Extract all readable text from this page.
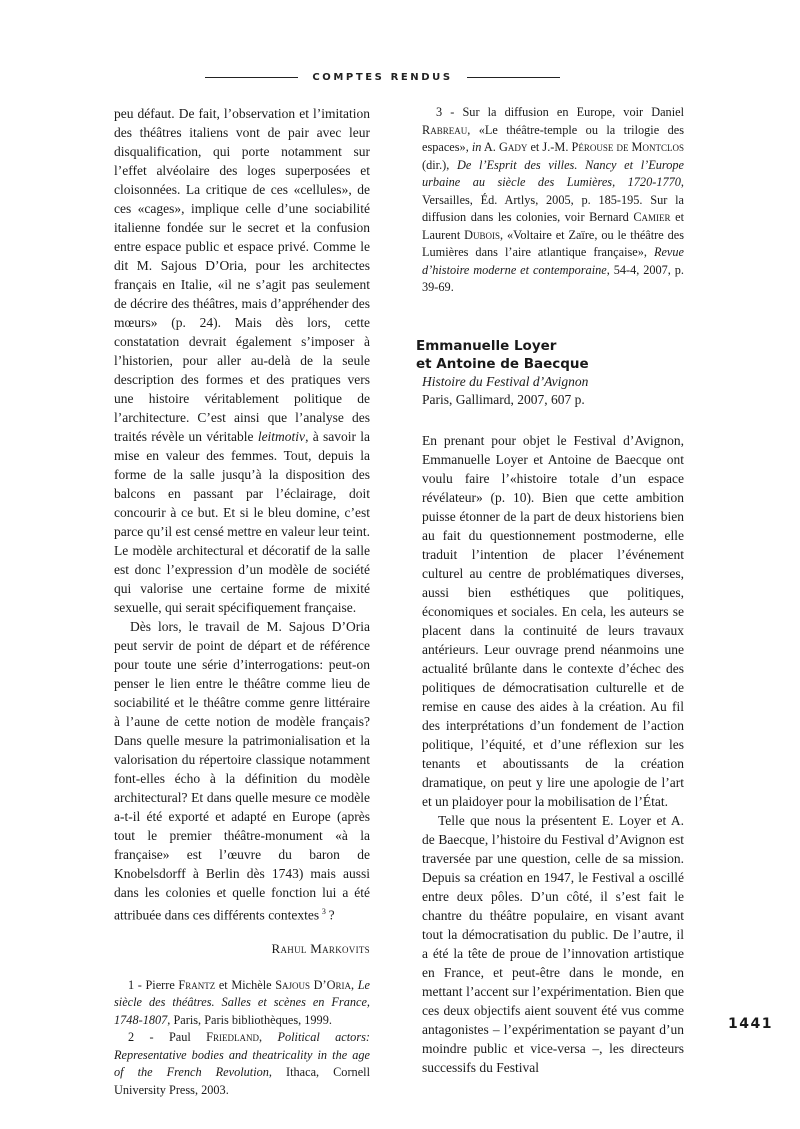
COMPTES RENDUS

peu défaut. De fait, l’observation et l’imitation des théâtres italiens vont de pair avec leur disqualification, qui porte notamment sur l’effet alvéolaire des loges superposées et cloisonnées. La critique de ces «cellules», de ces «cages», implique celle d’une sociabilité italienne fondée sur le secret et la confusion entre espace public et espace privé. Comme le dit M. Sajous D’Oria, pour les architectes français en Italie, «il ne s’agit pas seulement de décrire des théâtres, mais d’appréhender des mœurs» (p. 24). Mais dès lors, cette constatation devrait également s’imposer à l’historien, pour aller au-delà de la seule description des formes et des pratiques vers une histoire véritablement politique de l’architecture. C’est ainsi que l’analyse des traités révèle un véritable leitmotiv, à savoir la mise en valeur des femmes. Tout, depuis la forme de la salle jusqu’à la disposition des balcons en passant par l’éclairage, doit concourir à ce but. Et si le bleu domine, c’est parce qu’il est censé mettre en valeur leur teint. Le modèle architectural et décoratif de la salle est donc l’expression d’un modèle de société qui valorise une certaine forme de mixité sexuelle, qui serait spécifiquement française.

Dès lors, le travail de M. Sajous D’Oria peut servir de point de départ et de référence pour toute une série d’interrogations: peut-on penser le lien entre le théâtre comme lieu de sociabilité et le théâtre comme genre littéraire à l’aune de cette notion de modèle français? Dans quelle mesure la patrimonialisation et la valorisation du répertoire classique notamment font-elles écho à la définition du modèle architectural? Et dans quelle mesure ce modèle a-t-il été exporté et adapté en Europe (après tout le premier théâtre-monument «à la française» est l’œuvre du baron de Knobelsdorff à Berlin dès 1743) mais aussi dans les colonies et quelle fonction lui a été attribuée dans ces différents contextes  $^3$  ?

Rahul Markovits

1 - Pierre Frantz et Michèle Sajous D’Oria, Le siècle des théâtres. Salles et scènes en France, 1748-1807, Paris, Paris bibliothèques, 1999.

2 - Paul Friedland, Political actors: Representative bodies and theatricality in the age of the French Revolution, Ithaca, Cornell University Press, 2003.

3 - Sur la diffusion en Europe, voir Daniel Rabreau, «Le théâtre-temple ou la trilogie des espaces», in A. Gady et J.-M. Pérouse de Montclos (dir.), De l’Esprit des villes. Nancy et l’Europe urbaine au siècle des Lumières, 1720-1770, Versailles, Éd. Artlys, 2005, p. 185-195. Sur la diffusion dans les colonies, voir Bernard Camier et Laurent Dubois, «Voltaire et Zaïre, ou le théâtre des Lumières dans l’aire atlantique française», Revue d’histoire moderne et contemporaine, 54-4, 2007, p. 39-69.

Emmanuelle Loyer

et Antoine de Baecque

Histoire du Festival d’Avignon

Paris, Gallimard, 2007, 607 p.

En prenant pour objet le Festival d’Avignon, Emmanuelle Loyer et Antoine de Baecque ont voulu faire l’«histoire totale d’un espace révélateur» (p. 10). Bien que cette ambition puisse étonner de la part de deux historiens bien au fait du questionnement postmoderne, elle traduit l’intention de placer l’événement culturel au centre de problématiques diverses, aussi bien esthétiques que politiques, économiques et sociales. En cela, les auteurs se placent dans la continuité de leurs travaux antérieurs. Leur ouvrage prend néanmoins une actualité brûlante dans le contexte d’échec des politiques de démocratisation culturelle et de remise en cause des aides à la création. Au fil des interprétations d’un fondement de l’action politique, l’équité, et d’une réflexion sur les tenants et aboutissants de la création dramatique, on peut y lire une apologie de l’art et un plaidoyer pour la mobilisation de l’État.

Telle que nous la présentent E. Loyer et A. de Baecque, l’histoire du Festival d’Avignon est traversée par une question, celle de sa mission. Depuis sa création en 1947, le Festival a oscillé entre deux pôles. D’un côté, il s’est fait le chantre du théâtre populaire, en visant avant tout la démocratisation du public. De l’autre, il a été la tête de proue de l’innovation artistique en France, et peut-être dans le monde, en mettant l’accent sur l’expérimentation. Bien que ces deux objectifs aient souvent été vus comme antagonistes – l’expérimentation se payant d’un moindre public et vice-versa –, les directeurs successifs du Festival

1441
